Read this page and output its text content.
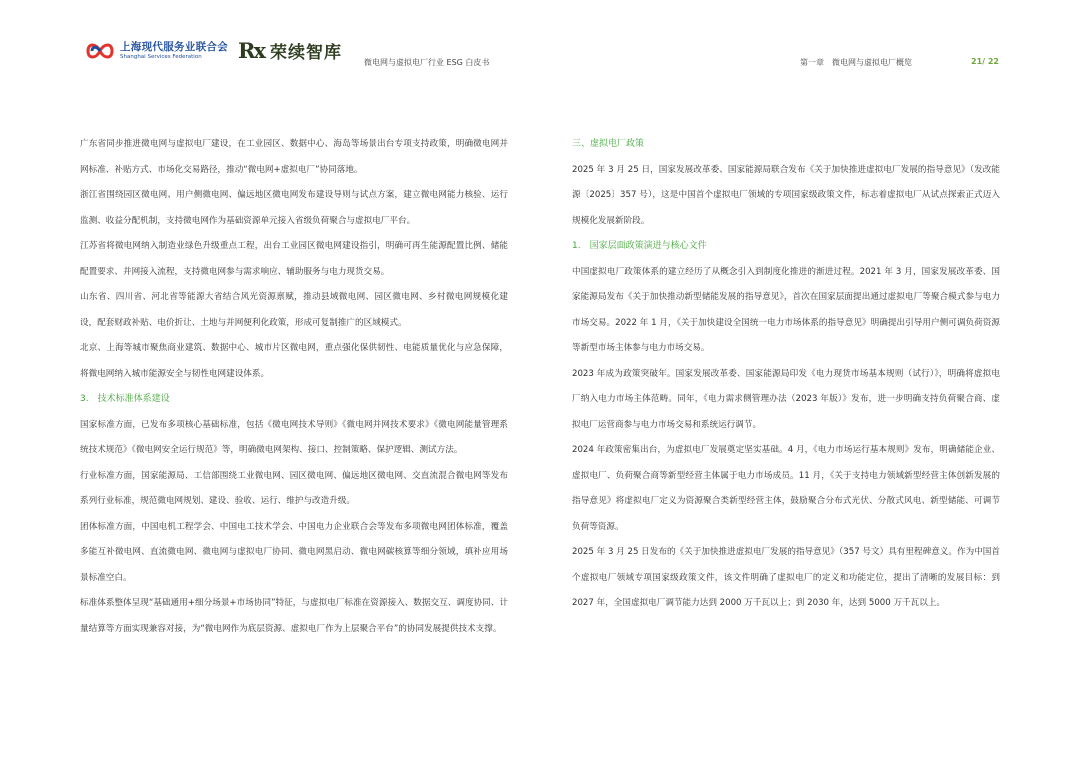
上海现代服务业联合会
Shanghai Services Federation	Rx 荣续智库	微电网与虚拟电厂行业 ESG 白皮书	第一章　微电网与虚拟电厂概览	21/ 22

广东省同步推进微电网与虚拟电厂建设，在工业园区、数据中心、海岛等场景出台专项支持政策，明确微电网并网标准、补贴方式、市场化交易路径，推动“微电网+虚拟电厂”协同落地。

浙江省围绕园区微电网、用户侧微电网、偏远地区微电网发布建设导则与试点方案，建立微电网能力核验、运行监测、收益分配机制，支持微电网作为基础资源单元接入省级负荷聚合与虚拟电厂平台。

江苏省将微电网纳入制造业绿色升级重点工程，出台工业园区微电网建设指引，明确可再生能源配置比例、储能配置要求、并网接入流程，支持微电网参与需求响应、辅助服务与电力现货交易。

山东省、四川省、河北省等能源大省结合风光资源禀赋，推动县域微电网、园区微电网、乡村微电网规模化建设，配套财政补贴、电价折让、土地与并网便利化政策，形成可复制推广的区域模式。

北京、上海等城市聚焦商业建筑、数据中心、城市片区微电网，重点强化保供韧性、电能质量优化与应急保障，将微电网纳入城市能源安全与韧性电网建设体系。

3.　技术标准体系建设

国家标准方面，已发布多项核心基础标准，包括《微电网技术导则》《微电网并网技术要求》《微电网能量管理系统技术规范》《微电网安全运行规范》等，明确微电网架构、接口、控制策略、保护逻辑、测试方法。

行业标准方面，国家能源局、工信部围绕工业微电网、园区微电网、偏远地区微电网、交直流混合微电网等发布系列行业标准，规范微电网规划、建设、验收、运行、维护与改造升级。

团体标准方面，中国电机工程学会、中国电工技术学会、中国电力企业联合会等发布多项微电网团体标准，覆盖多能互补微电网、直流微电网、微电网与虚拟电厂协同、微电网黑启动、微电网碳核算等细分领域，填补应用场景标准空白。

标准体系整体呈现“基础通用+细分场景+市场协同”特征，与虚拟电厂标准在资源接入、数据交互、调度协同、计量结算等方面实现兼容对接，为“微电网作为底层资源、虚拟电厂作为上层聚合平台”的协同发展提供技术支撑。

三、虚拟电厂政策

2025 年 3 月 25 日，国家发展改革委、国家能源局联合发布《关于加快推进虚拟电厂发展的指导意见》（发改能源〔2025〕357 号），这是中国首个虚拟电厂领域的专项国家级政策文件，标志着虚拟电厂从试点探索正式迈入规模化发展新阶段。

1.　国家层面政策演进与核心文件

中国虚拟电厂政策体系的建立经历了从概念引入到制度化推进的渐进过程。2021 年 3 月，国家发展改革委、国家能源局发布《关于加快推动新型储能发展的指导意见》，首次在国家层面提出通过虚拟电厂等聚合模式参与电力市场交易。2022 年 1 月，《关于加快建设全国统一电力市场体系的指导意见》明确提出引导用户侧可调负荷资源等新型市场主体参与电力市场交易。

2023 年成为政策突破年。国家发展改革委、国家能源局印发《电力现货市场基本规则（试行）》，明确将虚拟电厂纳入电力市场主体范畴。同年，《电力需求侧管理办法（2023 年版）》发布，进一步明确支持负荷聚合商、虚拟电厂运营商参与电力市场交易和系统运行调节。

2024 年政策密集出台，为虚拟电厂发展奠定坚实基础。4 月，《电力市场运行基本规则》发布，明确储能企业、虚拟电厂、负荷聚合商等新型经营主体属于电力市场成员。11 月，《关于支持电力领域新型经营主体创新发展的指导意见》将虚拟电厂定义为资源聚合类新型经营主体，鼓励聚合分布式光伏、分散式风电、新型储能、可调节负荷等资源。

2025 年 3 月 25 日发布的《关于加快推进虚拟电厂发展的指导意见》（357 号文）具有里程碑意义。作为中国首个虚拟电厂领域专项国家级政策文件，该文件明确了虚拟电厂的定义和功能定位，提出了清晰的发展目标：到 2027 年，全国虚拟电厂调节能力达到 2000 万千瓦以上；到 2030 年，达到 5000 万千瓦以上。
